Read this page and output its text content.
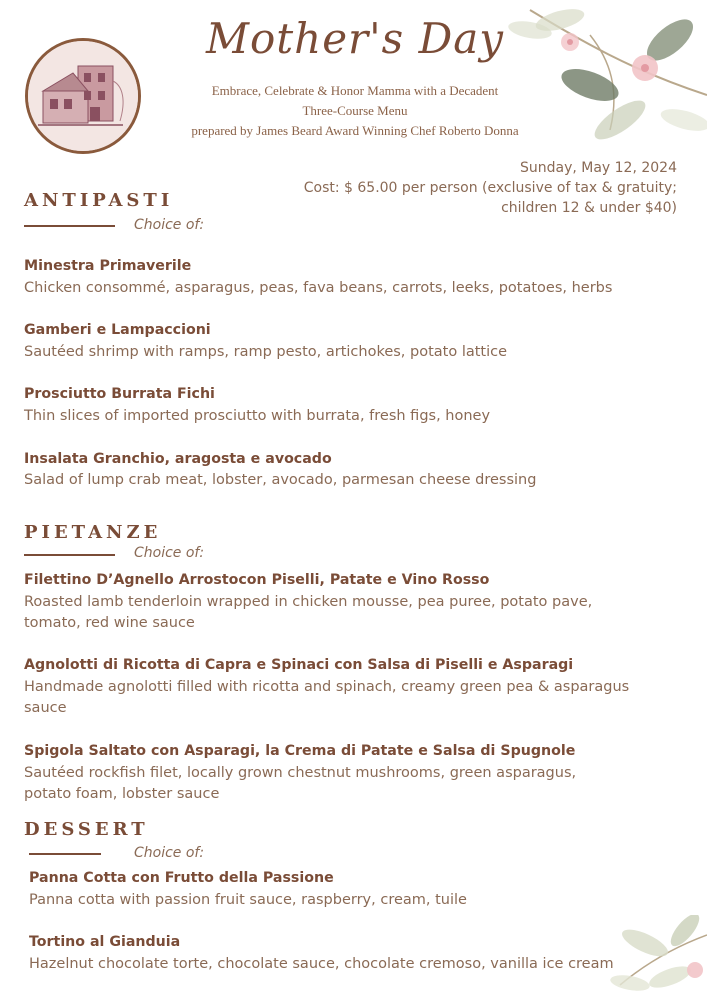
Mother's Day
Embrace, Celebrate & Honor Mamma with a Decadent
Three-Course Menu
prepared by James Beard Award Winning Chef Roberto Donna
Sunday, May 12, 2024
Cost: $ 65.00 per person (exclusive of tax & gratuity;
children 12 & under $40)
ANTIPASTI
Choice of:
Minestra Primaverile
Chicken consommé, asparagus, peas, fava beans, carrots, leeks, potatoes, herbs
Gamberi e Lampaccioni
Sautéed shrimp with ramps, ramp pesto, artichokes, potato lattice
Prosciutto Burrata Fichi
Thin slices of imported prosciutto with burrata, fresh figs, honey
Insalata Granchio, aragosta e avocado
Salad of lump crab meat, lobster, avocado, parmesan cheese dressing
PIETANZE
Choice of:
Filettino D’Agnello Arrostocon Piselli, Patate e Vino Rosso
Roasted lamb tenderloin wrapped in chicken mousse, pea puree, potato pave, tomato, red wine sauce
Agnolotti di Ricotta di Capra e Spinaci con Salsa di Piselli e Asparagi
Handmade agnolotti filled with ricotta and spinach, creamy green pea & asparagus sauce
Spigola Saltato con Asparagi, la Crema di Patate e Salsa di Spugnole
Sautéed rockfish filet, locally grown chestnut mushrooms, green asparagus, potato foam, lobster sauce
DESSERT
Choice of:
Panna Cotta con Frutto della Passione
Panna cotta with passion fruit sauce, raspberry, cream, tuile
Tortino al Gianduia
Hazelnut chocolate torte, chocolate sauce, chocolate cremoso, vanilla ice cream
